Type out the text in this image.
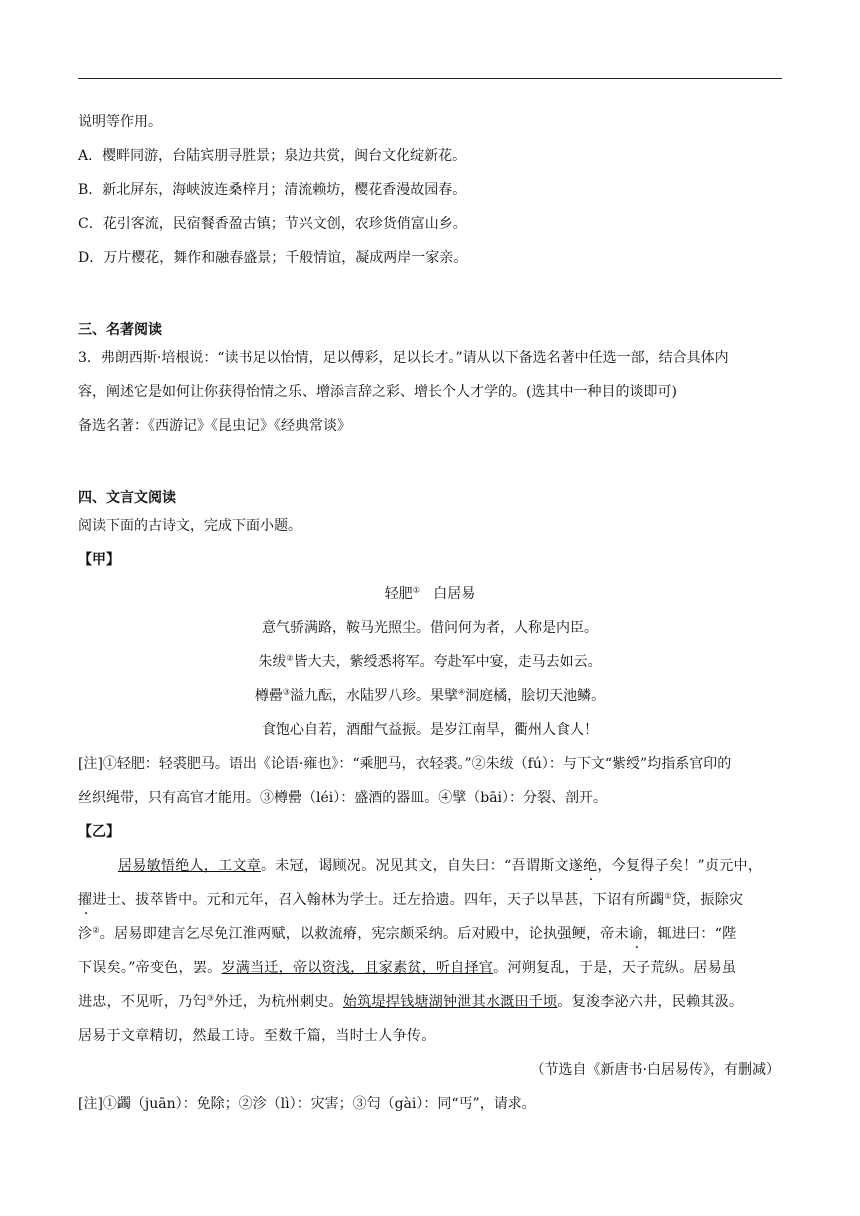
说明等作用。
A．樱畔同游，台陆宾朋寻胜景；泉边共赏，闽台文化绽新花。
B．新北屏东，海峡波连桑梓月；清流赖坊，樱花香漫故园春。
C．花引客流，民宿餐香盈古镇；节兴文创，农珍货俏富山乡。
D．万片樱花，舞作和融春盛景；千般情谊，凝成两岸一家亲。
三、名著阅读
3．弗朗西斯·培根说：“读书足以怡情，足以傅彩，足以长才。”请从以下备选名著中任选一部，结合具体内
容，阐述它是如何让你获得怡情之乐、增添言辞之彩、增长个人才学的。(选其中一种目的谈即可)
备选名著：《西游记》《昆虫记》《经典常谈》
四、文言文阅读
阅读下面的古诗文，完成下面小题。
【甲】
轻肥① 白居易
意气骄满路，鞍马光照尘。借问何为者，人称是内臣。
朱绂②皆大夫，紫绶悉将军。夸赴军中宴，走马去如云。
樽罍③溢九酝，水陆罗八珍。果擘④洞庭橘，脍切天池鳞。
食饱心自若，酒酣气益振。是岁江南旱，衢州人食人！
[注]①轻肥：轻裘肥马。语出《论语·雍也》：“乘肥马，衣轻裘。”②朱绂（fú）：与下文“紫绶”均指系官印的
丝织绳带，只有高官才能用。③樽罍（léi）：盛酒的器皿。④擘（bāi）：分裂、剖开。
【乙】
居易敏悟绝人，工文章。未冠，谒顾况。况见其文，自失曰：“吾谓斯文遂绝，今复得子矣！”贞元中，
擢进士、拔萃皆中。元和元年，召入翰林为学士。迁左拾遗。四年，天子以旱甚，下诏有所蠲①贷，振除灾
沴②。居易即建言乞尽免江淮两赋，以救流瘠，宪宗颇采纳。后对殿中，论执强鲠，帝未谕，辄进曰：“陛
下误矣。”帝变色，罢。岁满当迁，帝以资浅，且家素贫，听自择官。河朔复乱，于是，天子荒纵。居易虽
进忠，不见听，乃匄③外迁，为杭州刺史。始筑堤捍钱塘湖钟泄其水溉田千顷。复浚李泌六井，民赖其汲。
居易于文章精切，然最工诗。至数千篇，当时士人争传。
（节选自《新唐书·白居易传》，有删减）
[注]①蠲（juān）：免除；②沴（lì）：灾害；③匄（gài）：同“丐”，请求。
